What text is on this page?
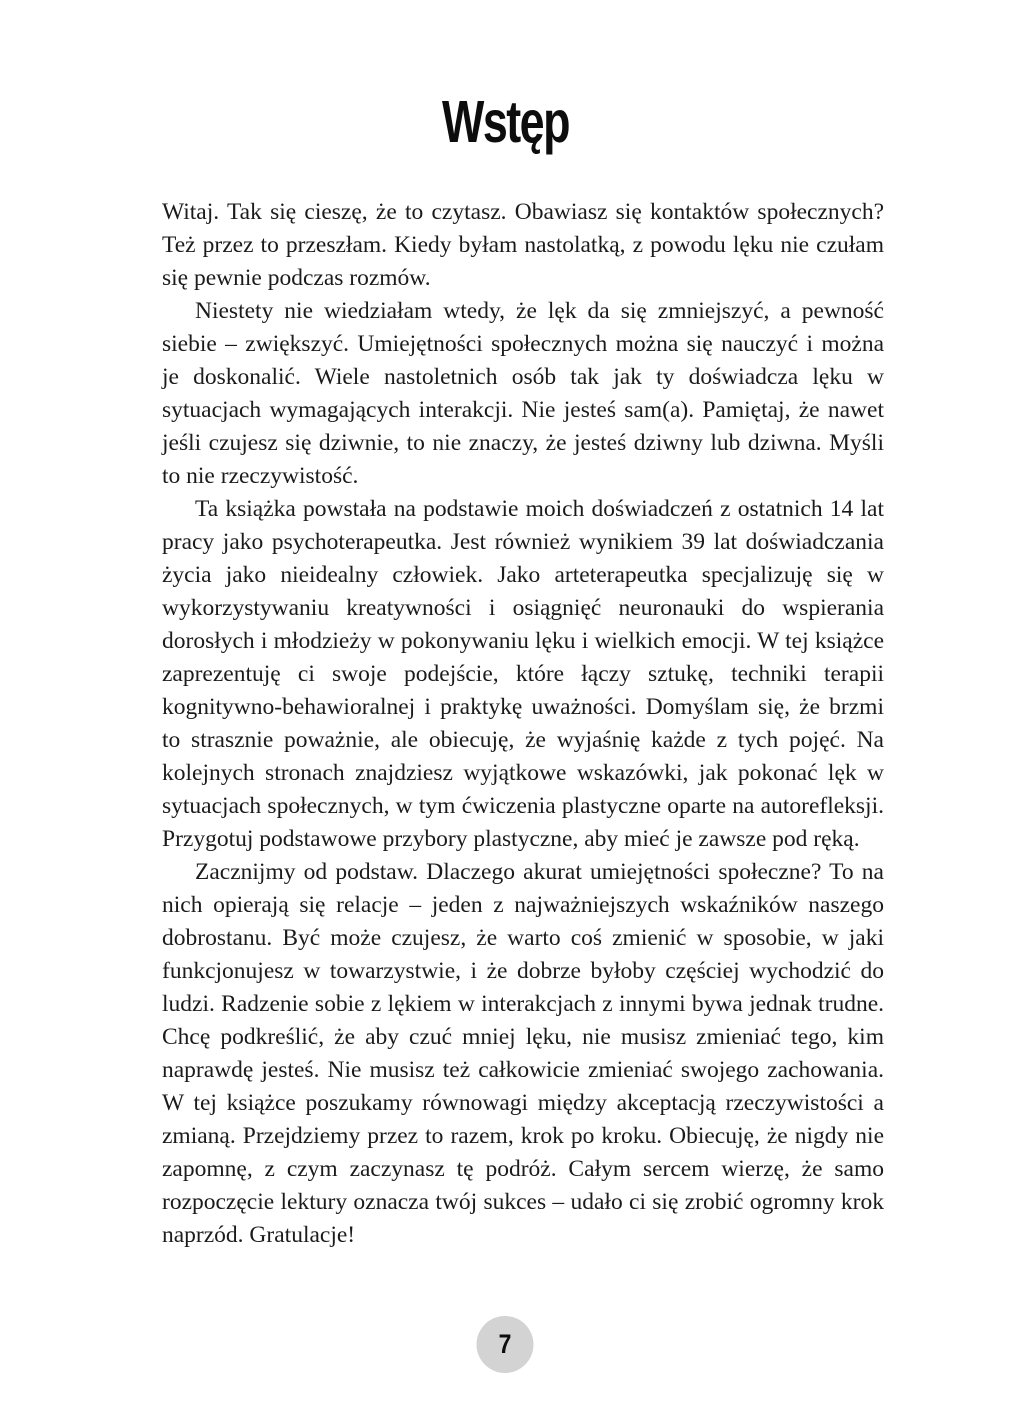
Wstęp

Witaj. Tak się cieszę, że to czytasz. Obawiasz się kontaktów społecznych? Też przez to przeszłam. Kiedy byłam nastolatką, z powodu lęku nie czułam się pewnie podczas rozmów.

Niestety nie wiedziałam wtedy, że lęk da się zmniejszyć, a pewność siebie – zwiększyć. Umiejętności społecznych można się nauczyć i można je doskonalić. Wiele nastoletnich osób tak jak ty doświadcza lęku w sytuacjach wymagających interakcji. Nie jesteś sam(a). Pamiętaj, że nawet jeśli czujesz się dziwnie, to nie znaczy, że jesteś dziwny lub dziwna. Myśli to nie rzeczywistość.

Ta książka powstała na podstawie moich doświadczeń z ostatnich 14 lat pracy jako psychoterapeutka. Jest również wynikiem 39 lat doświadczania życia jako nieidealny człowiek. Jako arteterapeutka specjalizuję się w wykorzystywaniu kreatywności i osiągnięć neuronauki do wspierania dorosłych i młodzieży w pokonywaniu lęku i wielkich emocji. W tej książce zaprezentuję ci swoje podejście, które łączy sztukę, techniki terapii kognitywno-behawioralnej i praktykę uważności. Domyślam się, że brzmi to strasznie poważnie, ale obiecuję, że wyjaśnię każde z tych pojęć. Na kolejnych stronach znajdziesz wyjątkowe wskazówki, jak pokonać lęk w sytuacjach społecznych, w tym ćwiczenia plastyczne oparte na autorefleksji. Przygotuj podstawowe przybory plastyczne, aby mieć je zawsze pod ręką.

Zacznijmy od podstaw. Dlaczego akurat umiejętności społeczne? To na nich opierają się relacje – jeden z najważniejszych wskaźników naszego dobrostanu. Być może czujesz, że warto coś zmienić w sposobie, w jaki funkcjonujesz w towarzystwie, i że dobrze byłoby częściej wychodzić do ludzi. Radzenie sobie z lękiem w interakcjach z innymi bywa jednak trudne. Chcę podkreślić, że aby czuć mniej lęku, nie musisz zmieniać tego, kim naprawdę jesteś. Nie musisz też całkowicie zmieniać swojego zachowania. W tej książce poszukamy równowagi między akceptacją rzeczywistości a zmianą. Przejdziemy przez to razem, krok po kroku. Obiecuję, że nigdy nie zapomnę, z czym zaczynasz tę podróż. Całym sercem wierzę, że samo rozpoczęcie lektury oznacza twój sukces – udało ci się zrobić ogromny krok naprzód. Gratulacje!

7
